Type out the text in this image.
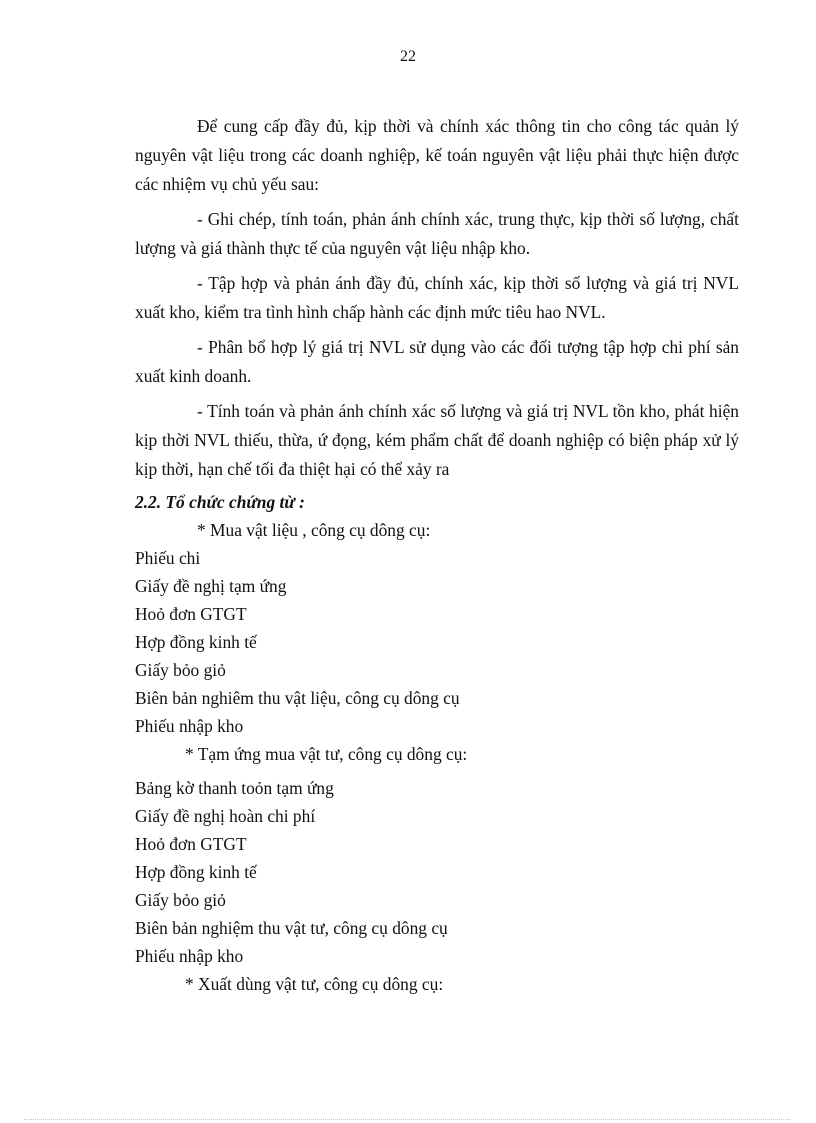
22

Để cung cấp đầy đủ, kịp thời và chính xác thông tin cho công tác quản lý nguyên vật liệu trong các doanh nghiệp, kế toán nguyên vật liệu phải thực hiện được các nhiệm vụ chủ yếu sau:

- Ghi chép, tính toán, phản ánh chính xác, trung thực, kịp thời số lượng, chất lượng và giá thành thực tế của nguyên vật liệu nhập kho.

- Tập hợp và phản ánh đầy đủ, chính xác, kịp thời số lượng và giá trị NVL xuất kho, kiểm tra tình hình chấp hành các định mức tiêu hao NVL.

- Phân bổ hợp lý giá trị NVL sử dụng vào các đối tượng tập hợp chi phí sản xuất kinh doanh.

- Tính toán và phản ánh chính xác số lượng và giá trị NVL tồn kho, phát hiện kịp thời NVL thiếu, thừa, ứ đọng, kém phẩm chất để doanh nghiệp có biện pháp xử lý kịp thời, hạn chế tối đa thiệt hại có thể xảy ra

2.2. Tổ chức chứng từ :
* Mua vật liệu , công cụ dông cụ:
Phiếu chi
Giấy đề nghị tạm ứng
Hoỏ đơn GTGT
Hợp đồng kinh tế
Giấy bỏo giỏ
Biên bản nghiêm thu vật liệu, công cụ dông cụ
Phiếu nhập kho
* Tạm ứng mua vật tư, công cụ dông cụ:
Bảng kờ thanh toỏn tạm ứng
Giấy đề nghị hoàn chi phí
Hoỏ đơn GTGT
Hợp đồng kinh tế
Giấy bỏo giỏ
Biên bản nghiệm thu vật tư, công cụ dông cụ
Phiếu nhập kho
* Xuất dùng vật tư, công cụ dông cụ:
